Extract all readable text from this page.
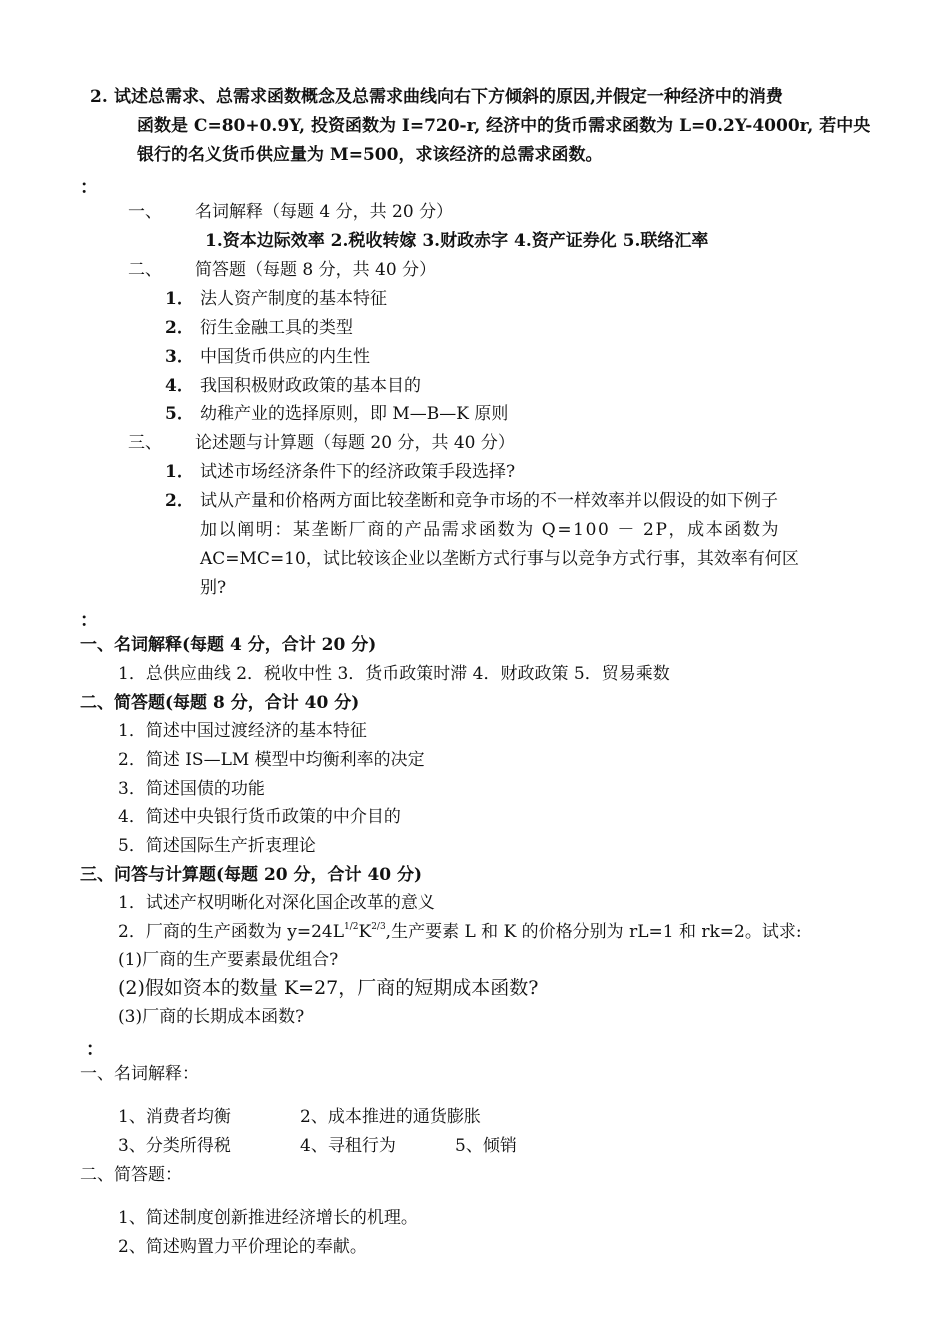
2. 试述总需求、总需求函数概念及总需求曲线向右下方倾斜的原因,并假定一种经济中的消费
函数是 C=80+0.9Y, 投资函数为 I=720-r, 经济中的货币需求函数为 L=0.2Y-4000r, 若中央
银行的名义货币供应量为 M=500，求该经济的总需求函数。
：
一、 名词解释（每题 4 分，共 20 分）
1.资本边际效率 2.税收转嫁 3.财政赤字 4.资产证券化 5.联络汇率
二、 简答题（每题 8 分，共 40 分）
1． 法人资产制度的基本特征
2． 衍生金融工具的类型
3． 中国货币供应的内生性
4． 我国积极财政政策的基本目的
5． 幼稚产业的选择原则，即 M—B—K 原则
三、 论述题与计算题（每题 20 分，共 40 分）
1． 试述市场经济条件下的经济政策手段选择?
2． 试从产量和价格两方面比较垄断和竞争市场的不一样效率并以假设的如下例子
加以阐明：某垄断厂商的产品需求函数为 Q=100 － 2P，成本函数为
AC=MC=10，试比较该企业以垄断方式行事与以竞争方式行事，其效率有何区
别?
：
一、名词解释(每题 4 分，合计 20 分)
1．总供应曲线 2．税收中性 3．货币政策时滞 4．财政政策 5．贸易乘数
二、简答题(每题 8 分，合计 40 分)
1．简述中国过渡经济的基本特征
2．简述 IS—LM 模型中均衡利率的决定
3．简述国债的功能
4．简述中央银行货币政策的中介目的
5．简述国际生产折衷理论
三、问答与计算题(每题 20 分，合计 40 分)
1．试述产权明晰化对深化国企改革的意义
2．厂商的生产函数为 $y=24L^{1/2}K^{2/3}$,生产要素 L 和 K 的价格分别为 rL=1 和 rk=2。试求:
(1)厂商的生产要素最优组合?
(2)假如资本的数量 K=27，厂商的短期成本函数?
(3)厂商的长期成本函数?
：
一、名词解释：
1、消费者均衡	2、成本推进的通货膨胀
3、分类所得税	4、寻租行为	5、倾销
二、简答题：
1、简述制度创新推进经济增长的机理。
2、简述购置力平价理论的奉献。
